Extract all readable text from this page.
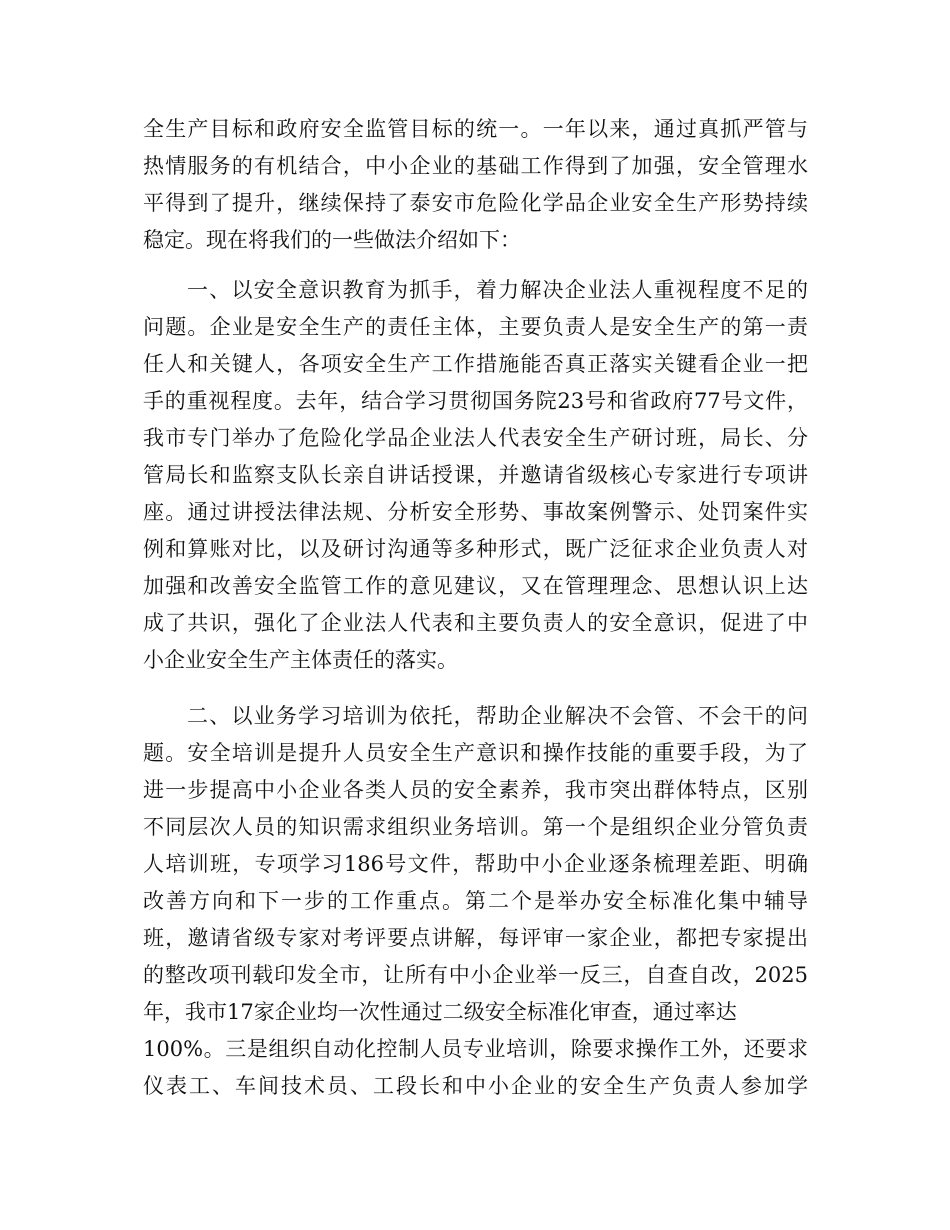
全生产目标和政府安全监管目标的统一。一年以来，通过真抓严管与
热情服务的有机结合，中小企业的基础工作得到了加强，安全管理水
平得到了提升，继续保持了泰安市危险化学品企业安全生产形势持续
稳定。现在将我们的一些做法介绍如下：
一、以安全意识教育为抓手，着力解决企业法人重视程度不足的
问题。企业是安全生产的责任主体，主要负责人是安全生产的第一责
任人和关键人，各项安全生产工作措施能否真正落实关键看企业一把
手的重视程度。去年，结合学习贯彻国务院23号和省政府77号文件，
我市专门举办了危险化学品企业法人代表安全生产研讨班，局长、分
管局长和监察支队长亲自讲话授课，并邀请省级核心专家进行专项讲
座。通过讲授法律法规、分析安全形势、事故案例警示、处罚案件实
例和算账对比，以及研讨沟通等多种形式，既广泛征求企业负责人对
加强和改善安全监管工作的意见建议，又在管理理念、思想认识上达
成了共识，强化了企业法人代表和主要负责人的安全意识，促进了中
小企业安全生产主体责任的落实。
二、以业务学习培训为依托，帮助企业解决不会管、不会干的问
题。安全培训是提升人员安全生产意识和操作技能的重要手段，为了
进一步提高中小企业各类人员的安全素养，我市突出群体特点，区别
不同层次人员的知识需求组织业务培训。第一个是组织企业分管负责
人培训班，专项学习186号文件，帮助中小企业逐条梳理差距、明确
改善方向和下一步的工作重点。第二个是举办安全标准化集中辅导
班，邀请省级专家对考评要点讲解，每评审一家企业，都把专家提出
的整改项刊载印发全市，让所有中小企业举一反三，自查自改，2025
年，我市17家企业均一次性通过二级安全标准化审查，通过率达
100%。三是组织自动化控制人员专业培训，除要求操作工外，还要求
仪表工、车间技术员、工段长和中小企业的安全生产负责人参加学
